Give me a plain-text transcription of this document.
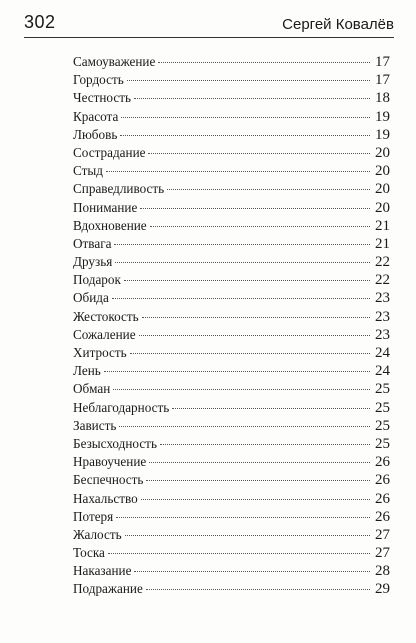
302	Сергей Ковалёв
Самоуважение	17
Гордость	17
Честность	18
Красота	19
Любовь	19
Сострадание	20
Стыд	20
Справедливость	20
Понимание	20
Вдохновение	21
Отвага	21
Друзья	22
Подарок	22
Обида	23
Жестокость	23
Сожаление	23
Хитрость	24
Лень	24
Обман	25
Неблагодарность	25
Зависть	25
Безысходность	25
Нравоучение	26
Беспечность	26
Нахальство	26
Потеря	26
Жалость	27
Тоска	27
Наказание	28
Подражание	29
